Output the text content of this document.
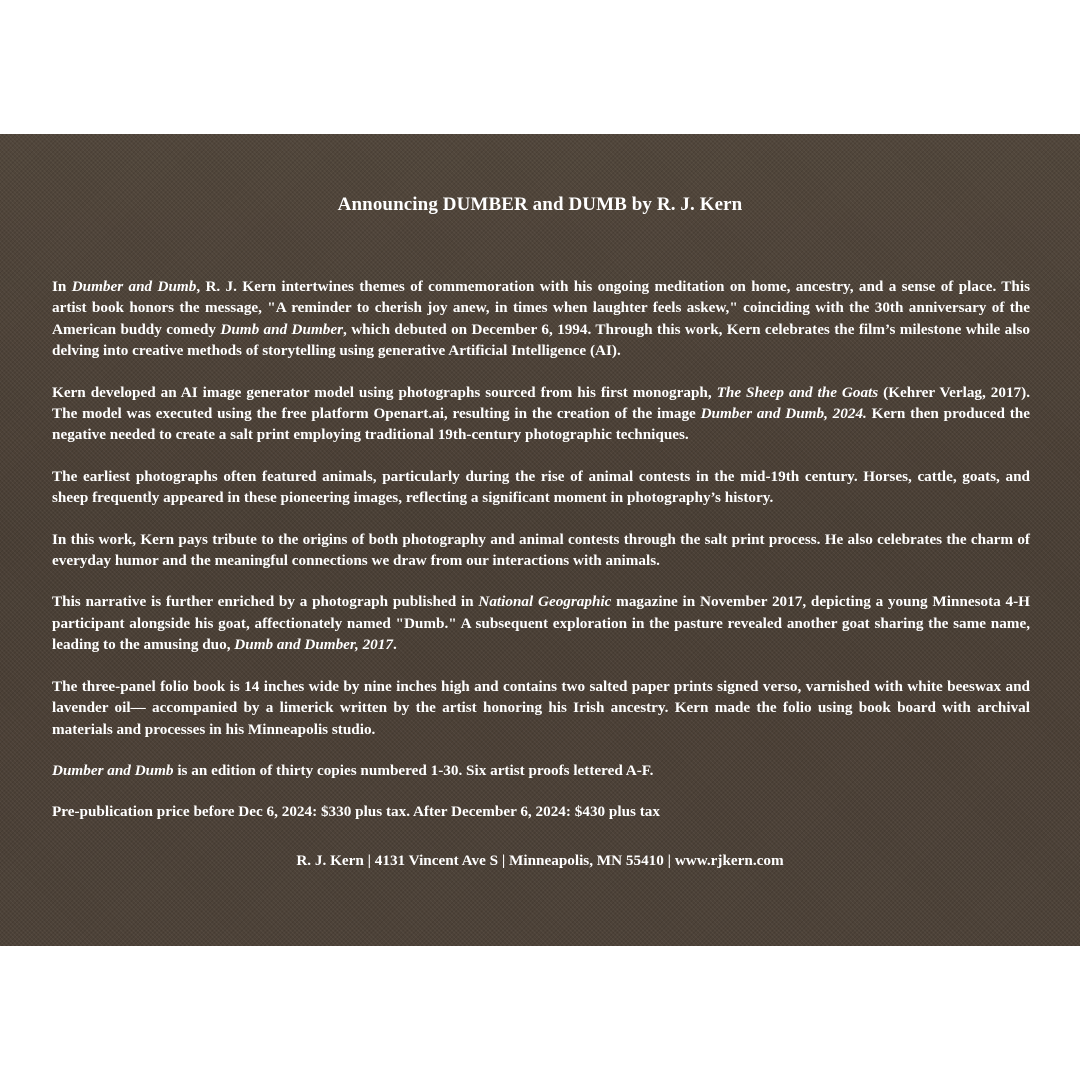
Announcing DUMBER and DUMB by R. J. Kern

In Dumber and Dumb, R. J. Kern intertwines themes of commemoration with his ongoing meditation on home, ancestry, and a sense of place. This artist book honors the message, "A reminder to cherish joy anew, in times when laughter feels askew," coinciding with the 30th anniversary of the American buddy comedy Dumb and Dumber, which debuted on December 6, 1994. Through this work, Kern celebrates the film’s milestone while also delving into creative methods of storytelling using generative Artificial Intelligence (AI).

Kern developed an AI image generator model using photographs sourced from his first monograph, The Sheep and the Goats (Kehrer Verlag, 2017). The model was executed using the free platform Openart.ai, resulting in the creation of the image Dumber and Dumb, 2024. Kern then produced the negative needed to create a salt print employing traditional 19th-century photographic techniques.

The earliest photographs often featured animals, particularly during the rise of animal contests in the mid-19th century. Horses, cattle, goats, and sheep frequently appeared in these pioneering images, reflecting a significant moment in photography’s history.

In this work, Kern pays tribute to the origins of both photography and animal contests through the salt print process. He also celebrates the charm of everyday humor and the meaningful connections we draw from our interactions with animals.

This narrative is further enriched by a photograph published in National Geographic magazine in November 2017, depicting a young Minnesota 4-H participant alongside his goat, affectionately named "Dumb." A subsequent exploration in the pasture revealed another goat sharing the same name, leading to the amusing duo, Dumb and Dumber, 2017.

The three-panel folio book is 14 inches wide by nine inches high and contains two salted paper prints signed verso, varnished with white beeswax and lavender oil— accompanied by a limerick written by the artist honoring his Irish ancestry. Kern made the folio using book board with archival materials and processes in his Minneapolis studio.

Dumber and Dumb is an edition of thirty copies numbered 1-30. Six artist proofs lettered A-F.

Pre-publication price before Dec 6, 2024: $330 plus tax. After December 6, 2024: $430 plus tax

R. J. Kern | 4131 Vincent Ave S | Minneapolis, MN 55410 | www.rjkern.com
